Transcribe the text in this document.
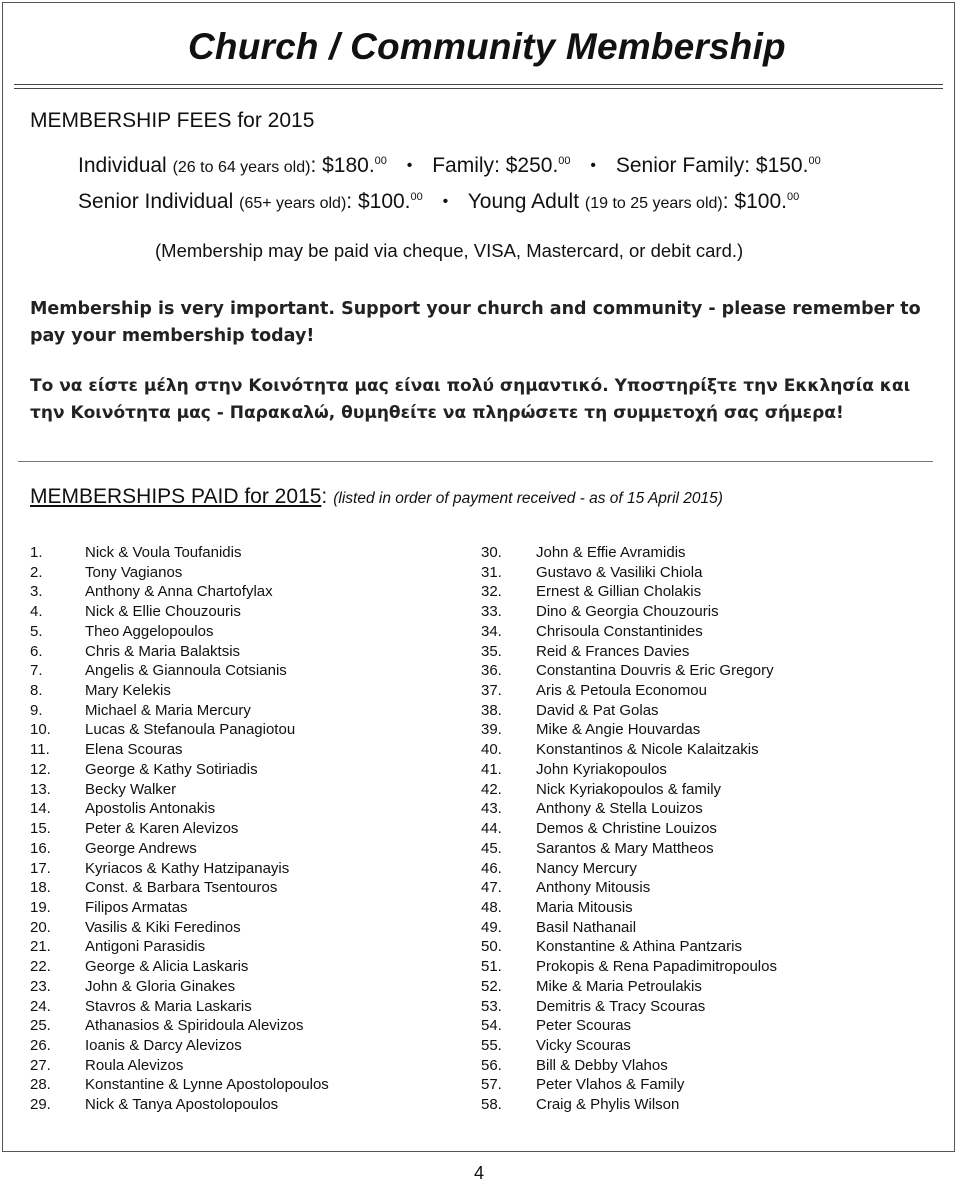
Church / Community Membership
MEMBERSHIP FEES for 2015
Individual (26 to 64 years old): $180.00 • Family: $250.00 • Senior Family: $150.00
Senior Individual (65+ years old): $100.00 • Young Adult (19 to 25 years old): $100.00
(Membership may be paid via cheque, VISA, Mastercard, or debit card.)
Membership is very important. Support your church and community - please remember to pay your membership today!
Το να είστε μέλη στην Κοινότητα μας είναι πολύ σημαντικό. Υποστηρίξτε την Εκκλησία και την Κοινότητα μας - Παρακαλώ, θυμηθείτε να πληρώσετε τη συμμετοχή σας σήμερα!
MEMBERSHIPS PAID for 2015: (listed in order of payment received - as of 15 April 2015)
1.	Nick & Voula Toufanidis
2.	Tony Vagianos
3.	Anthony & Anna Chartofylax
4.	Nick & Ellie Chouzouris
5.	Theo Aggelopoulos
6.	Chris & Maria Balaktsis
7.	Angelis & Giannoula Cotsianis
8.	Mary Kelekis
9.	Michael & Maria Mercury
10. Lucas & Stefanoula Panagiotou
11. Elena Scouras
12. George & Kathy Sotiriadis
13. Becky Walker
14. Apostolis Antonakis
15. Peter & Karen Alevizos
16. George Andrews
17. Kyriacos & Kathy Hatzipanayis
18. Const. & Barbara Tsentouros
19. Filipos Armatas
20. Vasilis & Kiki Feredinos
21. Antigoni Parasidis
22. George & Alicia Laskaris
23. John & Gloria Ginakes
24. Stavros & Maria Laskaris
25. Athanasios & Spiridoula Alevizos
26. Ioanis & Darcy Alevizos
27. Roula Alevizos
28. Konstantine & Lynne Apostolopoulos
29. Nick & Tanya Apostolopoulos
30. John & Effie Avramidis
31. Gustavo & Vasiliki Chiola
32. Ernest & Gillian Cholakis
33. Dino & Georgia Chouzouris
34. Chrisoula Constantinides
35. Reid & Frances Davies
36. Constantina Douvris & Eric Gregory
37. Aris & Petoula Economou
38. David & Pat Golas
39. Mike & Angie Houvardas
40. Konstantinos & Nicole Kalaitzakis
41. John Kyriakopoulos
42. Nick Kyriakopoulos & family
43. Anthony & Stella Louizos
44. Demos & Christine Louizos
45. Sarantos & Mary Mattheos
46. Nancy Mercury
47. Anthony Mitousis
48. Maria Mitousis
49. Basil Nathanail
50. Konstantine & Athina Pantzaris
51. Prokopis & Rena Papadimitropoulos
52. Mike & Maria Petroulakis
53. Demitris & Tracy Scouras
54. Peter Scouras
55. Vicky Scouras
56. Bill & Debby Vlahos
57. Peter Vlahos & Family
58. Craig & Phylis Wilson
4
